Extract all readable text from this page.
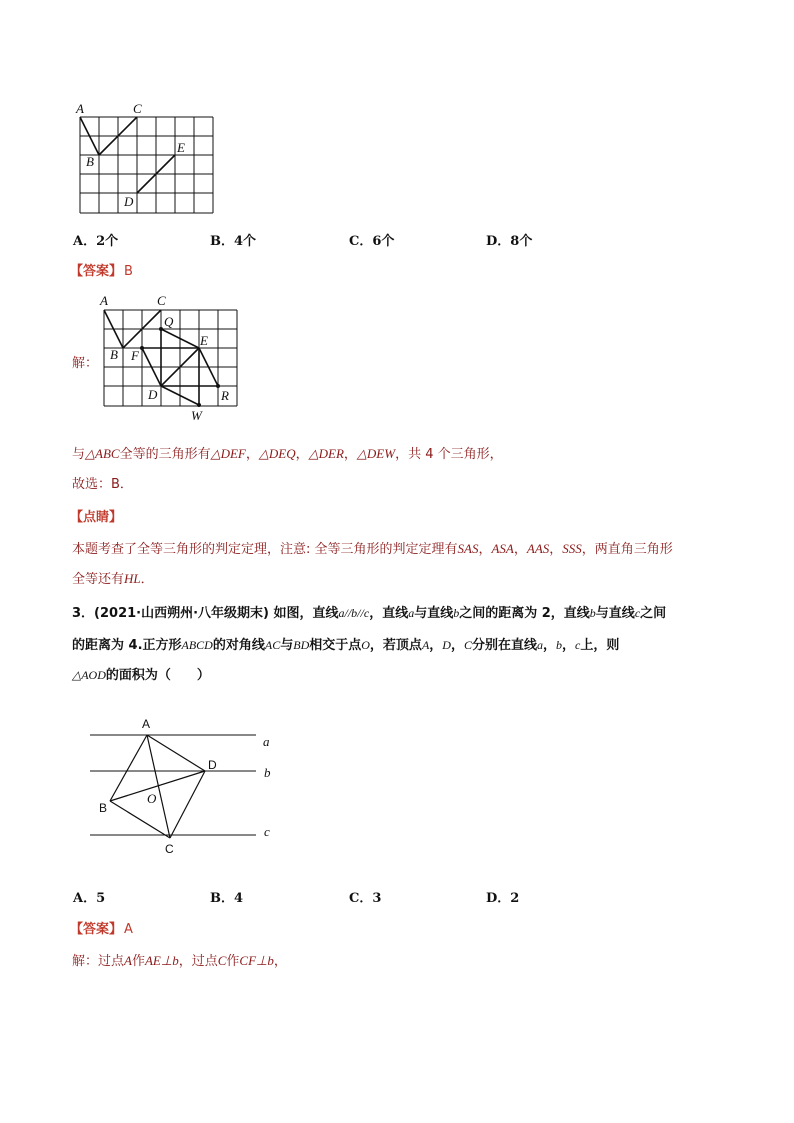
A	C
B
E
D
A．2个	B．4个	C．6个	D．8个
【答案】 B
解：
A	C
B F
Q
E
D	R
W
与△ABC全等的三角形有△DEF，△DEQ，△DER，△DEW，共 4 个三角形，
故选：B．
【点睛】
本题考查了全等三角形的判定定理，注意: 全等三角形的判定定理有SAS，ASA，AAS，SSS，两直角三角形
全等还有HL．
3．(2021·山西朔州·八年级期末) 如图，直线a//b//c，直线a与直线b之间的距离为 2，直线b与直线c之间
的距离为 4.正方形ABCD的对角线AC与BD相交于点O，若顶点A，D，C分别在直线a，b，c上，则
△AOD的面积为（　　）
A
D
B
C
O
a
b
c
A．5	B．4	C．3	D．2
【答案】 A
解：过点A作AE⊥b，过点C作CF⊥b，
